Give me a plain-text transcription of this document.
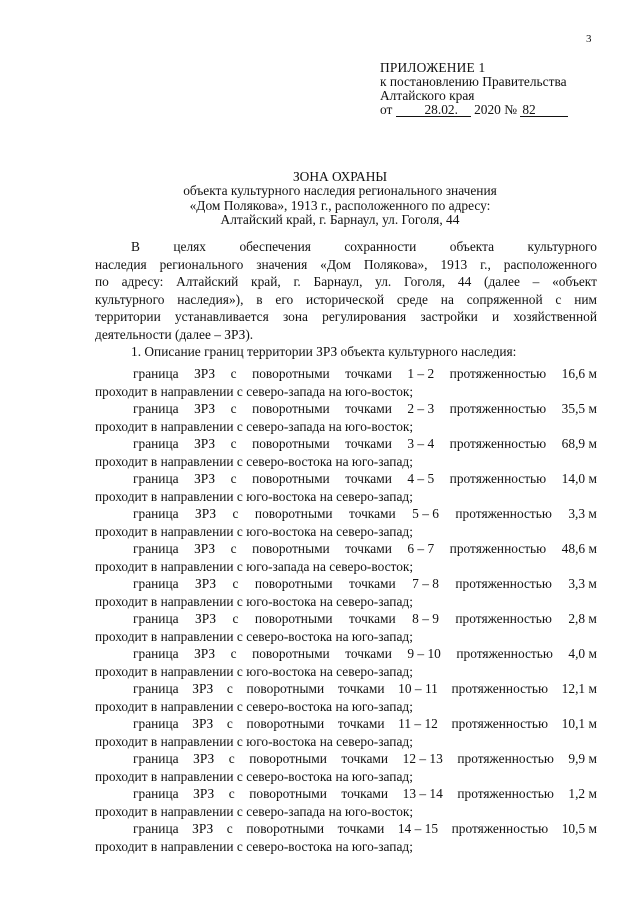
3
ПРИЛОЖЕНИЕ 1
к постановлению Правительства
Алтайского края
от 28.02. 2020 № 82
ЗОНА ОХРАНЫ
объекта культурного наследия регионального значения
«Дом Полякова», 1913 г., расположенного по адресу:
Алтайский край, г. Барнаул, ул. Гоголя, 44
В целях обеспечения сохранности объекта культурного
наследия регионального значения «Дом Полякова», 1913 г., расположенного
по адресу: Алтайский край, г. Барнаул, ул. Гоголя, 44 (далее – «объект
культурного наследия»), в его исторической среде на сопряженной с ним
территории устанавливается зона регулирования застройки и хозяйственной
деятельности (далее – ЗРЗ).
1. Описание границ территории ЗРЗ объекта культурного наследия:
граница ЗРЗ с поворотными точками 1 – 2 протяженностью 16,6 м
проходит в направлении с северо-запада на юго-восток;
граница ЗРЗ с поворотными точками 2 – 3 протяженностью 35,5 м
проходит в направлении с северо-запада на юго-восток;
граница ЗРЗ с поворотными точками 3 – 4 протяженностью 68,9 м
проходит в направлении с северо-востока на юго-запад;
граница ЗРЗ с поворотными точками 4 – 5 протяженностью 14,0 м
проходит в направлении с юго-востока на северо-запад;
граница ЗРЗ с поворотными точками 5 – 6 протяженностью 3,3 м
проходит в направлении с юго-востока на северо-запад;
граница ЗРЗ с поворотными точками 6 – 7 протяженностью 48,6 м
проходит в направлении с юго-запада на северо-восток;
граница ЗРЗ с поворотными точками 7 – 8 протяженностью 3,3 м
проходит в направлении с юго-востока на северо-запад;
граница ЗРЗ с поворотными точками 8 – 9 протяженностью 2,8 м
проходит в направлении с северо-востока на юго-запад;
граница ЗРЗ с поворотными точками 9 – 10 протяженностью 4,0 м
проходит в направлении с юго-востока на северо-запад;
граница ЗРЗ с поворотными точками 10 – 11 протяженностью 12,1 м
проходит в направлении с северо-востока на юго-запад;
граница ЗРЗ с поворотными точками 11 – 12 протяженностью 10,1 м
проходит в направлении с юго-востока на северо-запад;
граница ЗРЗ с поворотными точками 12 – 13 протяженностью 9,9 м
проходит в направлении с северо-востока на юго-запад;
граница ЗРЗ с поворотными точками 13 – 14 протяженностью 1,2 м
проходит в направлении с северо-запада на юго-восток;
граница ЗРЗ с поворотными точками 14 – 15 протяженностью 10,5 м
проходит в направлении с северо-востока на юго-запад;
